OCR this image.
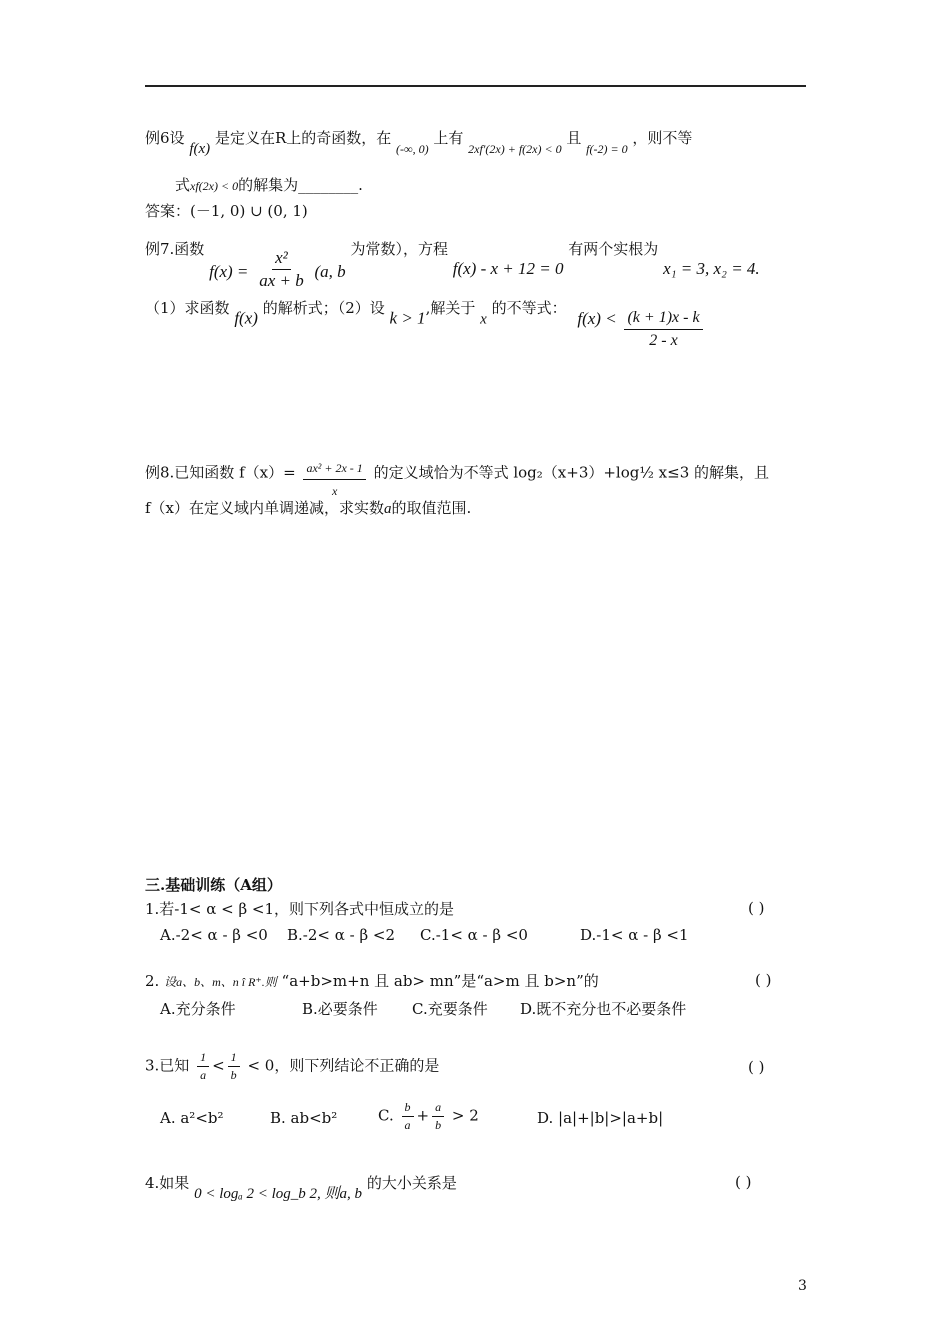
例6设 f(x) 是定义在R上的奇函数，在 $_{(-\infty, 0)}$ 上有 $_{2xf'(2x) + f(2x) < 0}$ 且 $_{f(-2) = 0}$ ，则不等
式xf(2x) < 0的解集为________.
答案：(－1, 0) ∪ (0, 1)
例7.函数 $f(x) = \frac{\text{x²}}{ax + b} (a$, b 为常数），方程 f(x) - x + 12 = 0 有两个实根为 x₁ = 3, x₂ = 4.
（1）求函数 f(x) 的解析式；（2）设 k > 1,解关于 x 的不等式： $f(x) < \frac{(k + 1)x - k}{2 - x}$
例8.已知函数 $f(x)= \frac{\text{ax² + 2x - 1}}{x}$ 的定义域恰为不等式 log₂（x+3）+log½ x≤3 的解集，且
f（x）在定义域内单调递减，求实数a的取值范围.
三.基础训练（A组）
1.若-1< α < β <1，则下列各式中恒成立的是	( )
A.-2< α - β <0 B.-2< α - β <2 C.-1< α - β <0	D.-1< α - β <1
2. 设a、b、m、n î R⁺.则 “a+b>m+n 且 ab> mn”是“a>m 且 b>n”的	( )
A.充分条件	B.必要条件 C.充要条件 D.既不充分也不必要条件
3.已知 $\frac{1}{a} < \frac{1}{b} < 0$，则下列结论不正确的是	( )
A. a²<b²	B. ab<b²	C. $\frac{b}{a} + \frac{a}{b} > 2$	D. |a|+|b|>|a+b|
4.如果 0 < logₐ 2 < log_b 2, 则a, b 的大小关系是	( )
3
